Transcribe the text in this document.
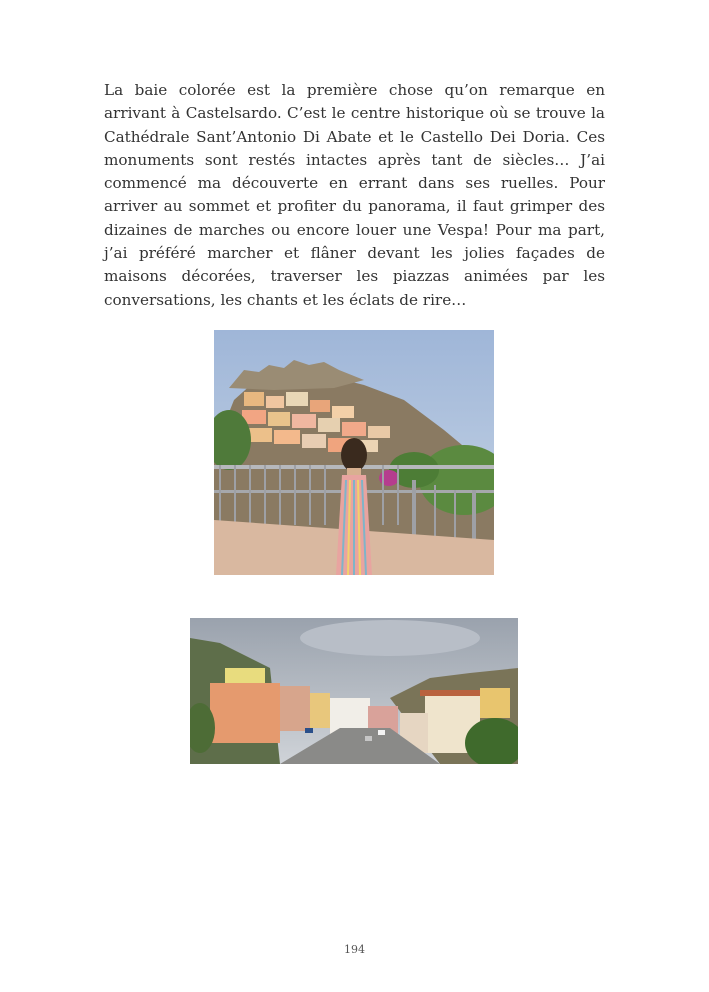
La baie colorée est la première chose qu’on remarque en arrivant à Castelsardo. C’est le centre historique où se trouve la Cathédrale Sant’Antonio Di Abate et le Castello Dei Doria. Ces monuments sont restés intactes après tant de siècles… J’ai commencé ma découverte en errant dans ses ruelles. Pour arriver au sommet et profiter du panorama, il faut grimper des dizaines de marches ou encore louer une Vespa! Pour ma part, j’ai préféré marcher et flâner devant les jolies façades de maisons décorées, traverser les piazzas animées par les conversations, les chants et les éclats de rire…

194
